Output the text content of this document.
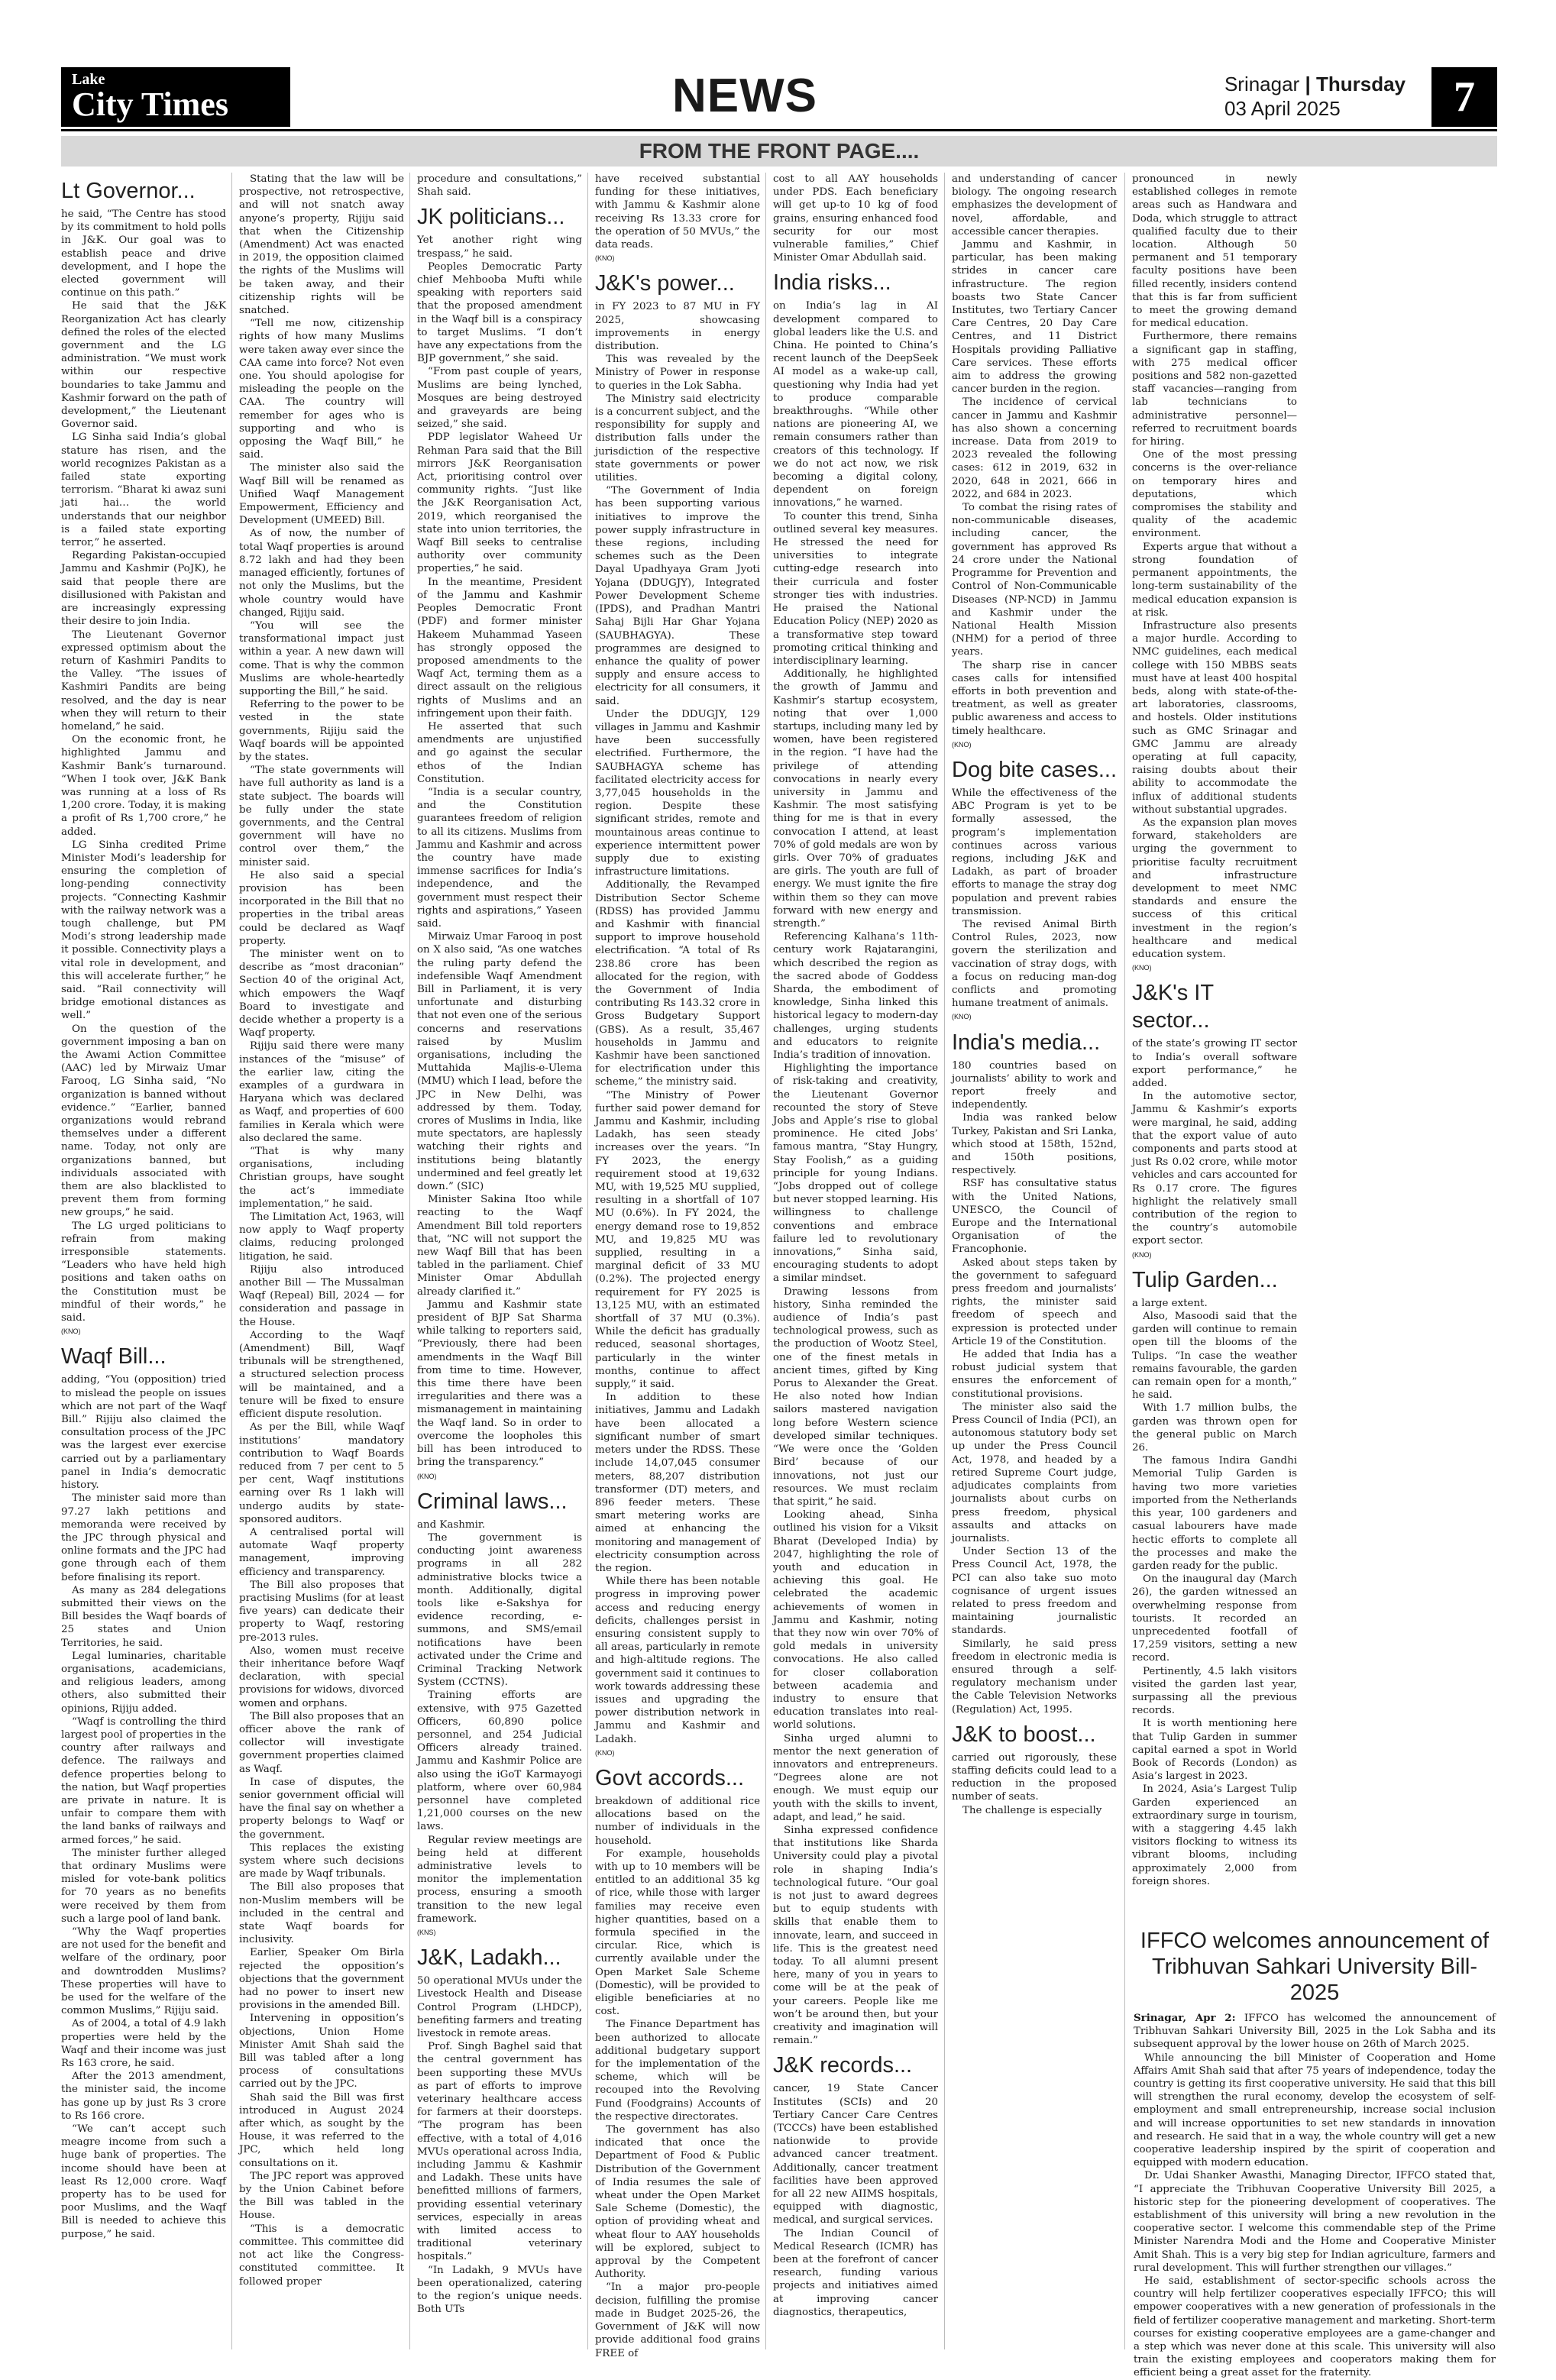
Lake
City Times	NEWS	Srinagar | Thursday
03 April 2025	7
FROM THE FRONT PAGE....
Lt Governor...

he said, “The Centre has stood by its commitment to hold polls in J&K. Our goal was to establish peace and drive development, and I hope the elected government will continue on this path.”

He said that the J&K Reorganization Act has clearly defined the roles of the elected government and the LG administration. “We must work within our respective boundaries to take Jammu and Kashmir forward on the path of development,” the Lieutenant Governor said.

LG Sinha said India’s global stature has risen, and the world recognizes Pakistan as a failed state exporting terrorism. “Bharat ki awaz suni jati hai… the world understands that our neighbor is a failed state exporting terror,” he asserted.

Regarding Pakistan-occupied Jammu and Kashmir (PoJK), he said that people there are disillusioned with Pakistan and are increasingly expressing their desire to join India.

The Lieutenant Governor expressed optimism about the return of Kashmiri Pandits to the Valley. “The issues of Kashmiri Pandits are being resolved, and the day is near when they will return to their homeland,” he said.

On the economic front, he highlighted Jammu and Kashmir Bank’s turnaround. “When I took over, J&K Bank was running at a loss of Rs 1,200 crore. Today, it is making a profit of Rs 1,700 crore,” he added.

LG Sinha credited Prime Minister Modi’s leadership for ensuring the completion of long-pending connectivity projects. “Connecting Kashmir with the railway network was a tough challenge, but PM Modi’s strong leadership made it possible. Connectivity plays a vital role in development, and this will accelerate further,” he said. “Rail connectivity will bridge emotional distances as well.”

On the question of the government imposing a ban on the Awami Action Committee (AAC) led by Mirwaiz Umar Farooq, LG Sinha said, “No organization is banned without evidence.” “Earlier, banned organizations would rebrand themselves under a different name. Today, not only are organizations banned, but individuals associated with them are also blacklisted to prevent them from forming new groups,” he said.

The LG urged politicians to refrain from making irresponsible statements. “Leaders who have held high positions and taken oaths on the Constitution must be mindful of their words,” he said.

(KNO)
Waqf Bill...

adding, “You (opposition) tried to mislead the people on issues which are not part of the Waqf Bill.” Rijiju also claimed the consultation process of the JPC was the largest ever exercise carried out by a parliamentary panel in India’s democratic history.

The minister said more than 97.27 lakh petitions and memoranda were received by the JPC through physical and online formats and the JPC had gone through each of them before finalising its report.

As many as 284 delegations submitted their views on the Bill besides the Waqf boards of 25 states and Union Territories, he said.

Legal luminaries, charitable organisations, academicians, and religious leaders, among others, also submitted their opinions, Rijiju added.

“Waqf is controlling the third largest pool of properties in the country after railways and defence. The railways and defence properties belong to the nation, but Waqf properties are private in nature. It is unfair to compare them with the land banks of railways and armed forces,” he said.

The minister further alleged that ordinary Muslims were misled for vote-bank politics for 70 years as no benefits were received by them from such a large pool of land bank.

“Why the Waqf properties are not used for the benefit and welfare of the ordinary, poor and downtrodden Muslims? These properties will have to be used for the welfare of the common Muslims,” Rijiju said.

As of 2004, a total of 4.9 lakh properties were held by the Waqf and their income was just Rs 163 crore, he said.

After the 2013 amendment, the minister said, the income has gone up by just Rs 3 crore to Rs 166 crore.

“We can’t accept such meagre income from such a huge bank of properties. The income should have been at least Rs 12,000 crore. Waqf property has to be used for poor Muslims, and the Waqf Bill is needed to achieve this purpose,” he said.

Stating that the law will be prospective, not retrospective, and will not snatch away anyone’s property, Rijiju said that when the Citizenship (Amendment) Act was enacted in 2019, the opposition claimed the rights of the Muslims will be taken away, and their citizenship rights will be snatched.

“Tell me now, citizenship rights of how many Muslims were taken away ever since the CAA came into force? Not even one. You should apologise for misleading the people on the CAA. The country will remember for ages who is supporting and who is opposing the Waqf Bill,” he said.

The minister also said the Waqf Bill will be renamed as Unified Waqf Management Empowerment, Efficiency and Development (UMEED) Bill.

As of now, the number of total Waqf properties is around 8.72 lakh and had they been managed efficiently, fortunes of not only the Muslims, but the whole country would have changed, Rijiju said.

“You will see the transformational impact just within a year. A new dawn will come. That is why the common Muslims are whole-heartedly supporting the Bill,” he said.

Referring to the power to be vested in the state governments, Rijiju said the Waqf boards will be appointed by the states.

“The state governments will have full authority as land is a state subject. The boards will be fully under the state governments, and the Central government will have no control over them,” the minister said.

He also said a special provision has been incorporated in the Bill that no properties in the tribal areas could be declared as Waqf property.

The minister went on to describe as “most draconian” Section 40 of the original Act, which empowers the Waqf Board to investigate and decide whether a property is a Waqf property.

Rijiju said there were many instances of the “misuse” of the earlier law, citing the examples of a gurdwara in Haryana which was declared as Waqf, and properties of 600 families in Kerala which were also declared the same.

“That is why many organisations, including Christian groups, have sought the act’s immediate implementation,” he said.

The Limitation Act, 1963, will now apply to Waqf property claims, reducing prolonged litigation, he said.

Rijiju also introduced another Bill — The Mussalman Waqf (Repeal) Bill, 2024 — for consideration and passage in the House.

According to the Waqf (Amendment) Bill, Waqf tribunals will be strengthened, a structured selection process will be maintained, and a tenure will be fixed to ensure efficient dispute resolution.

As per the Bill, while Waqf institutions’ mandatory contribution to Waqf Boards reduced from 7 per cent to 5 per cent, Waqf institutions earning over Rs 1 lakh will undergo audits by state-sponsored auditors.

A centralised portal will automate Waqf property management, improving efficiency and transparency.

The Bill also proposes that practising Muslims (for at least five years) can dedicate their property to Waqf, restoring pre-2013 rules.

Also, women must receive their inheritance before Waqf declaration, with special provisions for widows, divorced women and orphans.

The Bill also proposes that an officer above the rank of collector will investigate government properties claimed as Waqf.

In case of disputes, the senior government official will have the final say on whether a property belongs to Waqf or the government.

This replaces the existing system where such decisions are made by Waqf tribunals.

The Bill also proposes that non-Muslim members will be included in the central and state Waqf boards for inclusivity.

Earlier, Speaker Om Birla rejected the opposition’s objections that the government had no power to insert new provisions in the amended Bill.

Intervening in opposition’s objections, Union Home Minister Amit Shah said the Bill was tabled after a long process of consultations carried out by the JPC.

Shah said the Bill was first introduced in August 2024 after which, as sought by the House, it was referred to the JPC, which held long consultations on it.

The JPC report was approved by the Union Cabinet before the Bill was tabled in the House.

“This is a democratic committee. This committee did not act like the Congress-constituted committee. It followed proper

procedure and consultations,” Shah said.

JK politicians...

Yet another right wing trespass,” he said.

Peoples Democratic Party chief Mehbooba Mufti while speaking with reporters said that the proposed amendment in the Waqf bill is a conspiracy to target Muslims. “I don’t have any expectations from the BJP government,” she said.

“From past couple of years, Muslims are being lynched, Mosques are being destroyed and graveyards are being seized,” she said.

PDP legislator Waheed Ur Rehman Para said that the Bill mirrors J&K Reorganisation Act, prioritising control over community rights. “Just like the J&K Reorganisation Act, 2019, which reorganised the state into union territories, the Waqf Bill seeks to centralise authority over community properties,” he said.

In the meantime, President of the Jammu and Kashmir Peoples Democratic Front (PDF) and former minister Hakeem Muhammad Yaseen has strongly opposed the proposed amendments to the Waqf Act, terming them as a direct assault on the religious rights of Muslims and an infringement upon their faith.

He asserted that such amendments are unjustified and go against the secular ethos of the Indian Constitution.

“India is a secular country, and the Constitution guarantees freedom of religion to all its citizens. Muslims from Jammu and Kashmir and across the country have made immense sacrifices for India’s independence, and the government must respect their rights and aspirations,” Yaseen said.

Mirwaiz Umar Farooq in post on X also said, “As one watches the ruling party defend the indefensible Waqf Amendment Bill in Parliament, it is very unfortunate and disturbing that not even one of the serious concerns and reservations raised by Muslim organisations, including the Muttahida Majlis-e-Ulema (MMU) which I lead, before the JPC in New Delhi, was addressed by them. Today, crores of Muslims in India, like mute spectators, are haplessly watching their rights and institutions being blatantly undermined and feel greatly let down.” (SIC)

Minister Sakina Itoo while reacting to the Waqf Amendment Bill told reporters that, “NC will not support the new Waqf Bill that has been tabled in the parliament. Chief Minister Omar Abdullah already clarified it.”

Jammu and Kashmir state president of BJP Sat Sharma while talking to reporters said, “Previously, there had been amendments in the Waqf Bill from time to time. However, this time there have been irregularities and there was a mismanagement in maintaining the Waqf land. So in order to overcome the loopholes this bill has been introduced to bring the transparency.”

(KNO)
Criminal laws...

and Kashmir.

The government is conducting joint awareness programs in all 282 administrative blocks twice a month. Additionally, digital tools like e-Sakshya for evidence recording, e-summons, and SMS/email notifications have been activated under the Crime and Criminal Tracking Network System (CCTNS).

Training efforts are extensive, with 975 Gazetted Officers, 60,890 police personnel, and 254 Judicial Officers already trained. Jammu and Kashmir Police are also using the iGoT Karmayogi platform, where over 60,984 personnel have completed 1,21,000 courses on the new laws.

Regular review meetings are being held at different administrative levels to monitor the implementation process, ensuring a smooth transition to the new legal framework.

(KNS)
J&K, Ladakh...

50 operational MVUs under the Livestock Health and Disease Control Program (LHDCP), benefiting farmers and treating livestock in remote areas.

Prof. Singh Baghel said that the central government has been supporting these MVUs as part of efforts to improve veterinary healthcare access for farmers at their doorsteps. “The program has been effective, with a total of 4,016 MVUs operational across India, including Jammu & Kashmir and Ladakh. These units have benefitted millions of farmers, providing essential veterinary services, especially in areas with limited access to traditional veterinary hospitals.”

“In Ladakh, 9 MVUs have been operationalized, catering to the region’s unique needs. Both UTs

have received substantial funding for these initiatives, with Jammu & Kashmir alone receiving Rs 13.33 crore for the operation of 50 MVUs,” the data reads.

(KNO)
J&K's power...

in FY 2023 to 87 MU in FY 2025, showcasing improvements in energy distribution.

This was revealed by the Ministry of Power in response to queries in the Lok Sabha.

The Ministry said electricity is a concurrent subject, and the responsibility for supply and distribution falls under the jurisdiction of the respective state governments or power utilities.

“The Government of India has been supporting various initiatives to improve the power supply infrastructure in these regions, including schemes such as the Deen Dayal Upadhyaya Gram Jyoti Yojana (DDUGJY), Integrated Power Development Scheme (IPDS), and Pradhan Mantri Sahaj Bijli Har Ghar Yojana (SAUBHAGYA). These programmes are designed to enhance the quality of power supply and ensure access to electricity for all consumers, it said.

Under the DDUGJY, 129 villages in Jammu and Kashmir have been successfully electrified. Furthermore, the SAUBHAGYA scheme has facilitated electricity access for 3,77,045 households in the region. Despite these significant strides, remote and mountainous areas continue to experience intermittent power supply due to existing infrastructure limitations.

Additionally, the Revamped Distribution Sector Scheme (RDSS) has provided Jammu and Kashmir with financial support to improve household electrification. “A total of Rs 238.86 crore has been allocated for the region, with the Government of India contributing Rs 143.32 crore in Gross Budgetary Support (GBS). As a result, 35,467 households in Jammu and Kashmir have been sanctioned for electrification under this scheme,” the ministry said.

“The Ministry of Power further said power demand for Jammu and Kashmir, including Ladakh, has seen steady increases over the years. “In FY 2023, the energy requirement stood at 19,632 MU, with 19,525 MU supplied, resulting in a shortfall of 107 MU (0.6%). In FY 2024, the energy demand rose to 19,852 MU, and 19,825 MU was supplied, resulting in a marginal deficit of 33 MU (0.2%). The projected energy requirement for FY 2025 is 13,125 MU, with an estimated shortfall of 37 MU (0.3%). While the deficit has gradually reduced, seasonal shortages, particularly in the winter months, continue to affect supply,” it said.

In addition to these initiatives, Jammu and Ladakh have been allocated a significant number of smart meters under the RDSS. These include 14,07,045 consumer meters, 88,207 distribution transformer (DT) meters, and 896 feeder meters. These smart metering works are aimed at enhancing the monitoring and management of electricity consumption across the region.

While there has been notable progress in improving power access and reducing energy deficits, challenges persist in ensuring consistent supply to all areas, particularly in remote and high-altitude regions. The government said it continues to work towards addressing these issues and upgrading the power distribution network in Jammu and Kashmir and Ladakh.

(KNO)
Govt accords...

breakdown of additional rice allocations based on the number of individuals in the household.

For example, households with up to 10 members will be entitled to an additional 35 kg of rice, while those with larger families may receive even higher quantities, based on a formula specified in the circular. Rice, which is currently available under the Open Market Sale Scheme (Domestic), will be provided to eligible beneficiaries at no cost.

The Finance Department has been authorized to allocate additional budgetary support for the implementation of the scheme, which will be recouped into the Revolving Fund (Foodgrains) Accounts of the respective directorates.

The government has also indicated that once the Department of Food & Public Distribution of the Government of India resumes the sale of wheat under the Open Market Sale Scheme (Domestic), the option of providing wheat and wheat flour to AAY households will be explored, subject to approval by the Competent Authority.

“In a major pro-people decision, fulfilling the promise made in Budget 2025-26, the Government of J&K will now provide additional food grains FREE of

cost to all AAY households under PDS. Each beneficiary will get up-to 10 kg of food grains, ensuring enhanced food security for our most vulnerable families,” Chief Minister Omar Abdullah said.

India risks...

on India’s lag in AI development compared to global leaders like the U.S. and China. He pointed to China’s recent launch of the DeepSeek AI model as a wake-up call, questioning why India had yet to produce comparable breakthroughs. “While other nations are pioneering AI, we remain consumers rather than creators of this technology. If we do not act now, we risk becoming a digital colony, dependent on foreign innovations,” he warned.

To counter this trend, Sinha outlined several key measures. He stressed the need for universities to integrate cutting-edge research into their curricula and foster stronger ties with industries. He praised the National Education Policy (NEP) 2020 as a transformative step toward promoting critical thinking and interdisciplinary learning.

Additionally, he highlighted the growth of Jammu and Kashmir’s startup ecosystem, noting that over 1,000 startups, including many led by women, have been registered in the region. “I have had the privilege of attending convocations in nearly every university in Jammu and Kashmir. The most satisfying thing for me is that in every convocation I attend, at least 70% of gold medals are won by girls. Over 70% of graduates are girls. The youth are full of energy. We must ignite the fire within them so they can move forward with new energy and strength.”

Referencing Kalhana’s 11th-century work Rajatarangini, which described the region as the sacred abode of Goddess Sharda, the embodiment of knowledge, Sinha linked this historical legacy to modern-day challenges, urging students and educators to reignite India’s tradition of innovation.

Highlighting the importance of risk-taking and creativity, the Lieutenant Governor recounted the story of Steve Jobs and Apple’s rise to global prominence. He cited Jobs’ famous mantra, “Stay Hungry, Stay Foolish,” as a guiding principle for young Indians. “Jobs dropped out of college but never stopped learning. His willingness to challenge conventions and embrace failure led to revolutionary innovations,” Sinha said, encouraging students to adopt a similar mindset.

Drawing lessons from history, Sinha reminded the audience of India’s past technological prowess, such as the production of Wootz Steel, one of the finest metals in ancient times, gifted by King Porus to Alexander the Great. He also noted how Indian sailors mastered navigation long before Western science developed similar techniques. “We were once the ‘Golden Bird’ because of our innovations, not just our resources. We must reclaim that spirit,” he said.

Looking ahead, Sinha outlined his vision for a Viksit Bharat (Developed India) by 2047, highlighting the role of youth and education in achieving this goal. He celebrated the academic achievements of women in Jammu and Kashmir, noting that they now win over 70% of gold medals in university convocations. He also called for closer collaboration between academia and industry to ensure that education translates into real-world solutions.

Sinha urged alumni to mentor the next generation of innovators and entrepreneurs. “Degrees alone are not enough. We must equip our youth with the skills to invent, adapt, and lead,” he said.

Sinha expressed confidence that institutions like Sharda University could play a pivotal role in shaping India’s technological future. “Our goal is not just to award degrees but to equip students with skills that enable them to innovate, learn, and succeed in life. This is the greatest need today. To all alumni present here, many of you in years to come will be at the peak of your careers. People like me won’t be around then, but your creativity and imagination will remain.”

J&K records...

cancer, 19 State Cancer Institutes (SCIs) and 20 Tertiary Cancer Care Centres (TCCCs) have been established nationwide to provide advanced cancer treatment. Additionally, cancer treatment facilities have been approved for all 22 new AIIMS hospitals, equipped with diagnostic, medical, and surgical services.

The Indian Council of Medical Research (ICMR) has been at the forefront of cancer research, funding various projects and initiatives aimed at improving cancer diagnostics, therapeutics,

and understanding of cancer biology. The ongoing research emphasizes the development of novel, affordable, and accessible cancer therapies.

Jammu and Kashmir, in particular, has been making strides in cancer care infrastructure. The region boasts two State Cancer Institutes, two Tertiary Cancer Care Centres, 20 Day Care Centres, and 11 District Hospitals providing Palliative Care services. These efforts aim to address the growing cancer burden in the region.

The incidence of cervical cancer in Jammu and Kashmir has also shown a concerning increase. Data from 2019 to 2023 revealed the following cases: 612 in 2019, 632 in 2020, 648 in 2021, 666 in 2022, and 684 in 2023.

To combat the rising rates of non-communicable diseases, including cancer, the government has approved Rs 24 crore under the National Programme for Prevention and Control of Non-Communicable Diseases (NP-NCD) in Jammu and Kashmir under the National Health Mission (NHM) for a period of three years.

The sharp rise in cancer cases calls for intensified efforts in both prevention and treatment, as well as greater public awareness and access to timely healthcare.

(KNO)
Dog bite cases...

While the effectiveness of the ABC Program is yet to be formally assessed, the program’s implementation continues across various regions, including J&K and Ladakh, as part of broader efforts to manage the stray dog population and prevent rabies transmission.

The revised Animal Birth Control Rules, 2023, now govern the sterilization and vaccination of stray dogs, with a focus on reducing man-dog conflicts and promoting humane treatment of animals.

(KNO)
India's media...

180 countries based on journalists’ ability to work and report freely and independently.

India was ranked below Turkey, Pakistan and Sri Lanka, which stood at 158th, 152nd, and 150th positions, respectively.

RSF has consultative status with the United Nations, UNESCO, the Council of Europe and the International Organisation of the Francophonie.

Asked about steps taken by the government to safeguard press freedom and journalists’ rights, the minister said freedom of speech and expression is protected under Article 19 of the Constitution.

He added that India has a robust judicial system that ensures the enforcement of constitutional provisions.

The minister also said the Press Council of India (PCI), an autonomous statutory body set up under the Press Council Act, 1978, and headed by a retired Supreme Court judge, adjudicates complaints from journalists about curbs on press freedom, physical assaults and attacks on journalists.

Under Section 13 of the Press Council Act, 1978, the PCI can also take suo moto cognisance of urgent issues related to press freedom and maintaining journalistic standards.

Similarly, he said press freedom in electronic media is ensured through a self-regulatory mechanism under the Cable Television Networks (Regulation) Act, 1995.

J&K to boost...

carried out rigorously, these staffing deficits could lead to a reduction in the proposed number of seats.

The challenge is especially

pronounced in newly established colleges in remote areas such as Handwara and Doda, which struggle to attract qualified faculty due to their location. Although 50 permanent and 51 temporary faculty positions have been filled recently, insiders contend that this is far from sufficient to meet the growing demand for medical education.

Furthermore, there remains a significant gap in staffing, with 275 medical officer positions and 582 non-gazetted staff vacancies—ranging from lab technicians to administrative personnel—referred to recruitment boards for hiring.

One of the most pressing concerns is the over-reliance on temporary hires and deputations, which compromises the stability and quality of the academic environment.

Experts argue that without a strong foundation of permanent appointments, the long-term sustainability of the medical education expansion is at risk.

Infrastructure also presents a major hurdle. According to NMC guidelines, each medical college with 150 MBBS seats must have at least 400 hospital beds, along with state-of-the-art laboratories, classrooms, and hostels. Older institutions such as GMC Srinagar and GMC Jammu are already operating at full capacity, raising doubts about their ability to accommodate the influx of additional students without substantial upgrades.

As the expansion plan moves forward, stakeholders are urging the government to prioritise faculty recruitment and infrastructure development to meet NMC standards and ensure the success of this critical investment in the region’s healthcare and medical education system.

(KNO)
J&K's IT sector...

of the state’s growing IT sector to India’s overall software export performance,” he added.

In the automotive sector, Jammu & Kashmir’s exports were marginal, he said, adding that the export value of auto components and parts stood at just Rs 0.02 crore, while motor vehicles and cars accounted for Rs 0.17 crore. The figures highlight the relatively small contribution of the region to the country’s automobile export sector.

(KNO)
Tulip Garden...

a large extent.

Also, Masoodi said that the garden will continue to remain open till the blooms of the Tulips. “In case the weather remains favourable, the garden can remain open for a month,” he said.

With 1.7 million bulbs, the garden was thrown open for the general public on March 26.

The famous Indira Gandhi Memorial Tulip Garden is having two more varieties imported from the Netherlands this year, 100 gardeners and casual labourers have made hectic efforts to complete all the processes and make the garden ready for the public.

On the inaugural day (March 26), the garden witnessed an overwhelming response from tourists. It recorded an unprecedented footfall of 17,259 visitors, setting a new record.

Pertinently, 4.5 lakh visitors visited the garden last year, surpassing all the previous records.

It is worth mentioning here that Tulip Garden in summer capital earned a spot in World Book of Records (London) as Asia’s largest in 2023.

In 2024, Asia’s Largest Tulip Garden experienced an extraordinary surge in tourism, with a staggering 4.45 lakh visitors flocking to witness its vibrant blooms, including approximately 2,000 from foreign shores.

IFFCO welcomes announcement of Tribhuvan Sahkari University Bill-2025

Srinagar, Apr 2: IFFCO has welcomed the announcement of Tribhuvan Sahkari University Bill, 2025 in the Lok Sabha and its subsequent approval by the lower house on 26th of March 2025.

While announcing the bill Minister of Cooperation and Home Affairs Amit Shah said that after 75 years of independence, today the country is getting its first cooperative university. He said that this bill will strengthen the rural economy, develop the ecosystem of self-employment and small entrepreneurship, increase social inclusion and will increase opportunities to set new standards in innovation and research. He said that in a way, the whole country will get a new cooperative leadership inspired by the spirit of cooperation and equipped with modern education.

Dr. Udai Shanker Awasthi, Managing Director, IFFCO stated that, “I appreciate the Tribhuvan Cooperative University Bill 2025, a historic step for the pioneering development of cooperatives. The establishment of this university will bring a new revolution in the cooperative sector. I welcome this commendable step of the Prime Minister Narendra Modi and the Home and Cooperative Minister Amit Shah. This is a very big step for Indian agriculture, farmers and rural development. This will further strengthen our villages.”

He said, establishment of sector-specific schools across the country will help fertilizer cooperatives especially IFFCO; this will empower cooperatives with a new generation of professionals in the field of fertilizer cooperative management and marketing. Short-term courses for existing cooperative employees are a game-changer and a step which was never done at this scale. This university will also train the existing employees and cooperators making them for efficient being a great asset for the fraternity.
